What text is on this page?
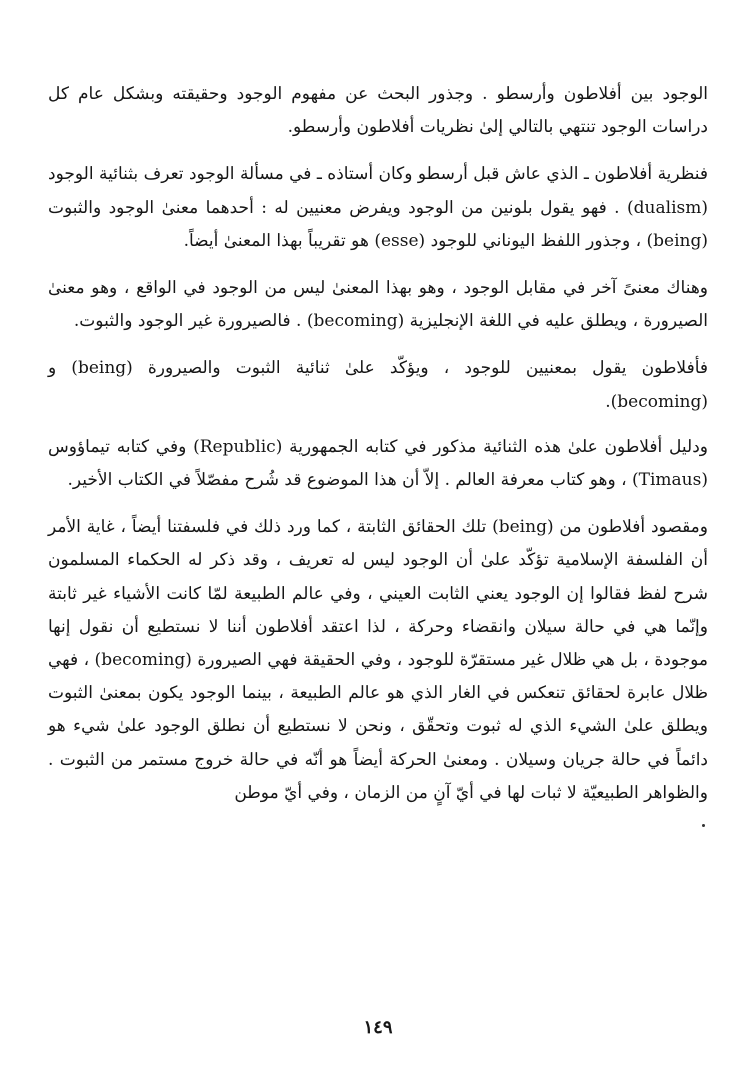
الوجود بين أفلاطون وأرسطو . وجذور البحث عن مفهوم الوجود وحقيقته وبشكل عام كل دراسات الوجود تنتهي بالتالي إلىٰ نظريات أفلاطون وأرسطو.

فنظرية أفلاطون ـ الذي عاش قبل أرسطو وكان أستاذه ـ في مسألة الوجود تعرف بثنائية الوجود (dualism) . فهو يقول بلونين من الوجود ويفرض معنيين له : أحدهما معنىٰ الوجود والثبوت (being) ، وجذور اللفظ اليوناني للوجود (esse) هو تقريباً بهذا المعنىٰ أيضاً.

وهناك معنىً آخر في مقابل الوجود ، وهو بهذا المعنىٰ ليس من الوجود في الواقع ، وهو معنىٰ الصيرورة ، ويطلق عليه في اللغة الإنجليزية (becoming) . فالصيرورة غير الوجود والثبوت.

فأفلاطون يقول بمعنيين للوجود ، ويؤكّد علىٰ ثنائية الثبوت والصيرورة (being) و (becoming).

ودليل أفلاطون علىٰ هذه الثنائية مذكور في كتابه الجمهورية (Republic) وفي كتابه تيماؤوس (Timaus) ، وهو كتاب معرفة العالم . إلاّ أن هذا الموضوع قد شُرح مفصّلاً في الكتاب الأخير.

ومقصود أفلاطون من (being) تلك الحقائق الثابتة ، كما ورد ذلك في فلسفتنا أيضاً ، غاية الأمر أن الفلسفة الإسلامية تؤكّد علىٰ أن الوجود ليس له تعريف ، وقد ذكر له الحكماء المسلمون شرح لفظ فقالوا إن الوجود يعني الثابت العيني ، وفي عالم الطبيعة لمّا كانت الأشياء غير ثابتة وإنّما هي في حالة سيلان وانقضاء وحركة ، لذا اعتقد أفلاطون أننا لا نستطيع أن نقول إنها موجودة ، بل هي ظلال غير مستقرّة للوجود ، وفي الحقيقة فهي الصيرورة (becoming) ، فهي ظلال عابرة لحقائق تنعكس في الغار الذي هو عالم الطبيعة ، بينما الوجود يكون بمعنىٰ الثبوت ويطلق علىٰ الشيء الذي له ثبوت وتحقّق ، ونحن لا نستطيع أن نطلق الوجود علىٰ شيء هو دائماً في حالة جريان وسيلان . ومعنىٰ الحركة أيضاً هو أنّه في حالة خروج مستمر من الثبوت . والظواهر الطبيعيّة لا ثبات لها في أيّ آنٍ من الزمان ، وفي أيّ موطن

١٤٩
